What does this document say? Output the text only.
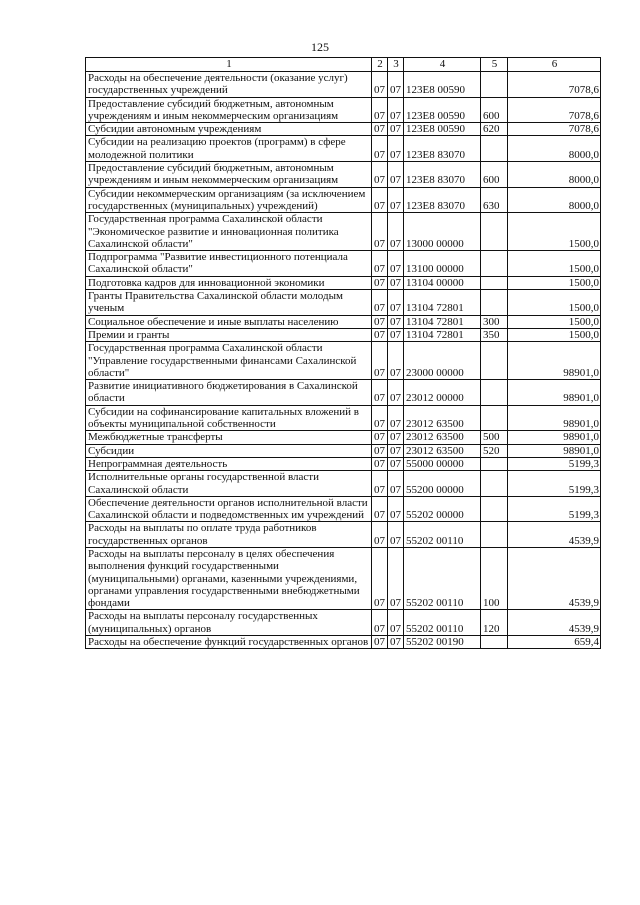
125
1	2	3	4	5	6
Расходы на обеспечение деятельности (оказание услуг) государственных учреждений	07	07	123E8 00590		7078,6
Предоставление субсидий бюджетным, автономным учреждениям и иным некоммерческим организациям	07	07	123E8 00590	600	7078,6
Субсидии автономным учреждениям	07	07	123E8 00590	620	7078,6
Субсидии на реализацию проектов (программ) в сфере молодежной политики	07	07	123E8 83070		8000,0
Предоставление субсидий бюджетным, автономным учреждениям и иным некоммерческим организациям	07	07	123E8 83070	600	8000,0
Субсидии некоммерческим организациям (за исключением государственных (муниципальных) учреждений)	07	07	123E8 83070	630	8000,0
Государственная программа Сахалинской области "Экономическое развитие и инновационная политика Сахалинской области"	07	07	13000 00000		1500,0
Подпрограмма "Развитие инвестиционного потенциала Сахалинской области"	07	07	13100 00000		1500,0
Подготовка кадров для инновационной экономики	07	07	13104 00000		1500,0
Гранты Правительства Сахалинской области молодым ученым	07	07	13104 72801		1500,0
Социальное обеспечение и иные выплаты населению	07	07	13104 72801	300	1500,0
Премии и гранты	07	07	13104 72801	350	1500,0
Государственная программа Сахалинской области "Управление государственными финансами Сахалинской области"	07	07	23000 00000		98901,0
Развитие инициативного бюджетирования в Сахалинской области	07	07	23012 00000		98901,0
Субсидии на софинансирование капитальных вложений в объекты муниципальной собственности	07	07	23012 63500		98901,0
Межбюджетные трансферты	07	07	23012 63500	500	98901,0
Субсидии	07	07	23012 63500	520	98901,0
Непрограммная деятельность	07	07	55000 00000		5199,3
Исполнительные органы государственной власти Сахалинской области	07	07	55200 00000		5199,3
Обеспечение деятельности органов исполнительной власти Сахалинской области и подведомственных им учреждений	07	07	55202 00000		5199,3
Расходы на выплаты по оплате труда работников государственных органов	07	07	55202 00110		4539,9
Расходы на выплаты персоналу в целях обеспечения выполнения функций государственными (муниципальными) органами, казенными учреждениями, органами управления государственными внебюджетными фондами	07	07	55202 00110	100	4539,9
Расходы на выплаты персоналу государственных (муниципальных) органов	07	07	55202 00110	120	4539,9
Расходы на обеспечение функций государственных органов	07	07	55202 00190		659,4
